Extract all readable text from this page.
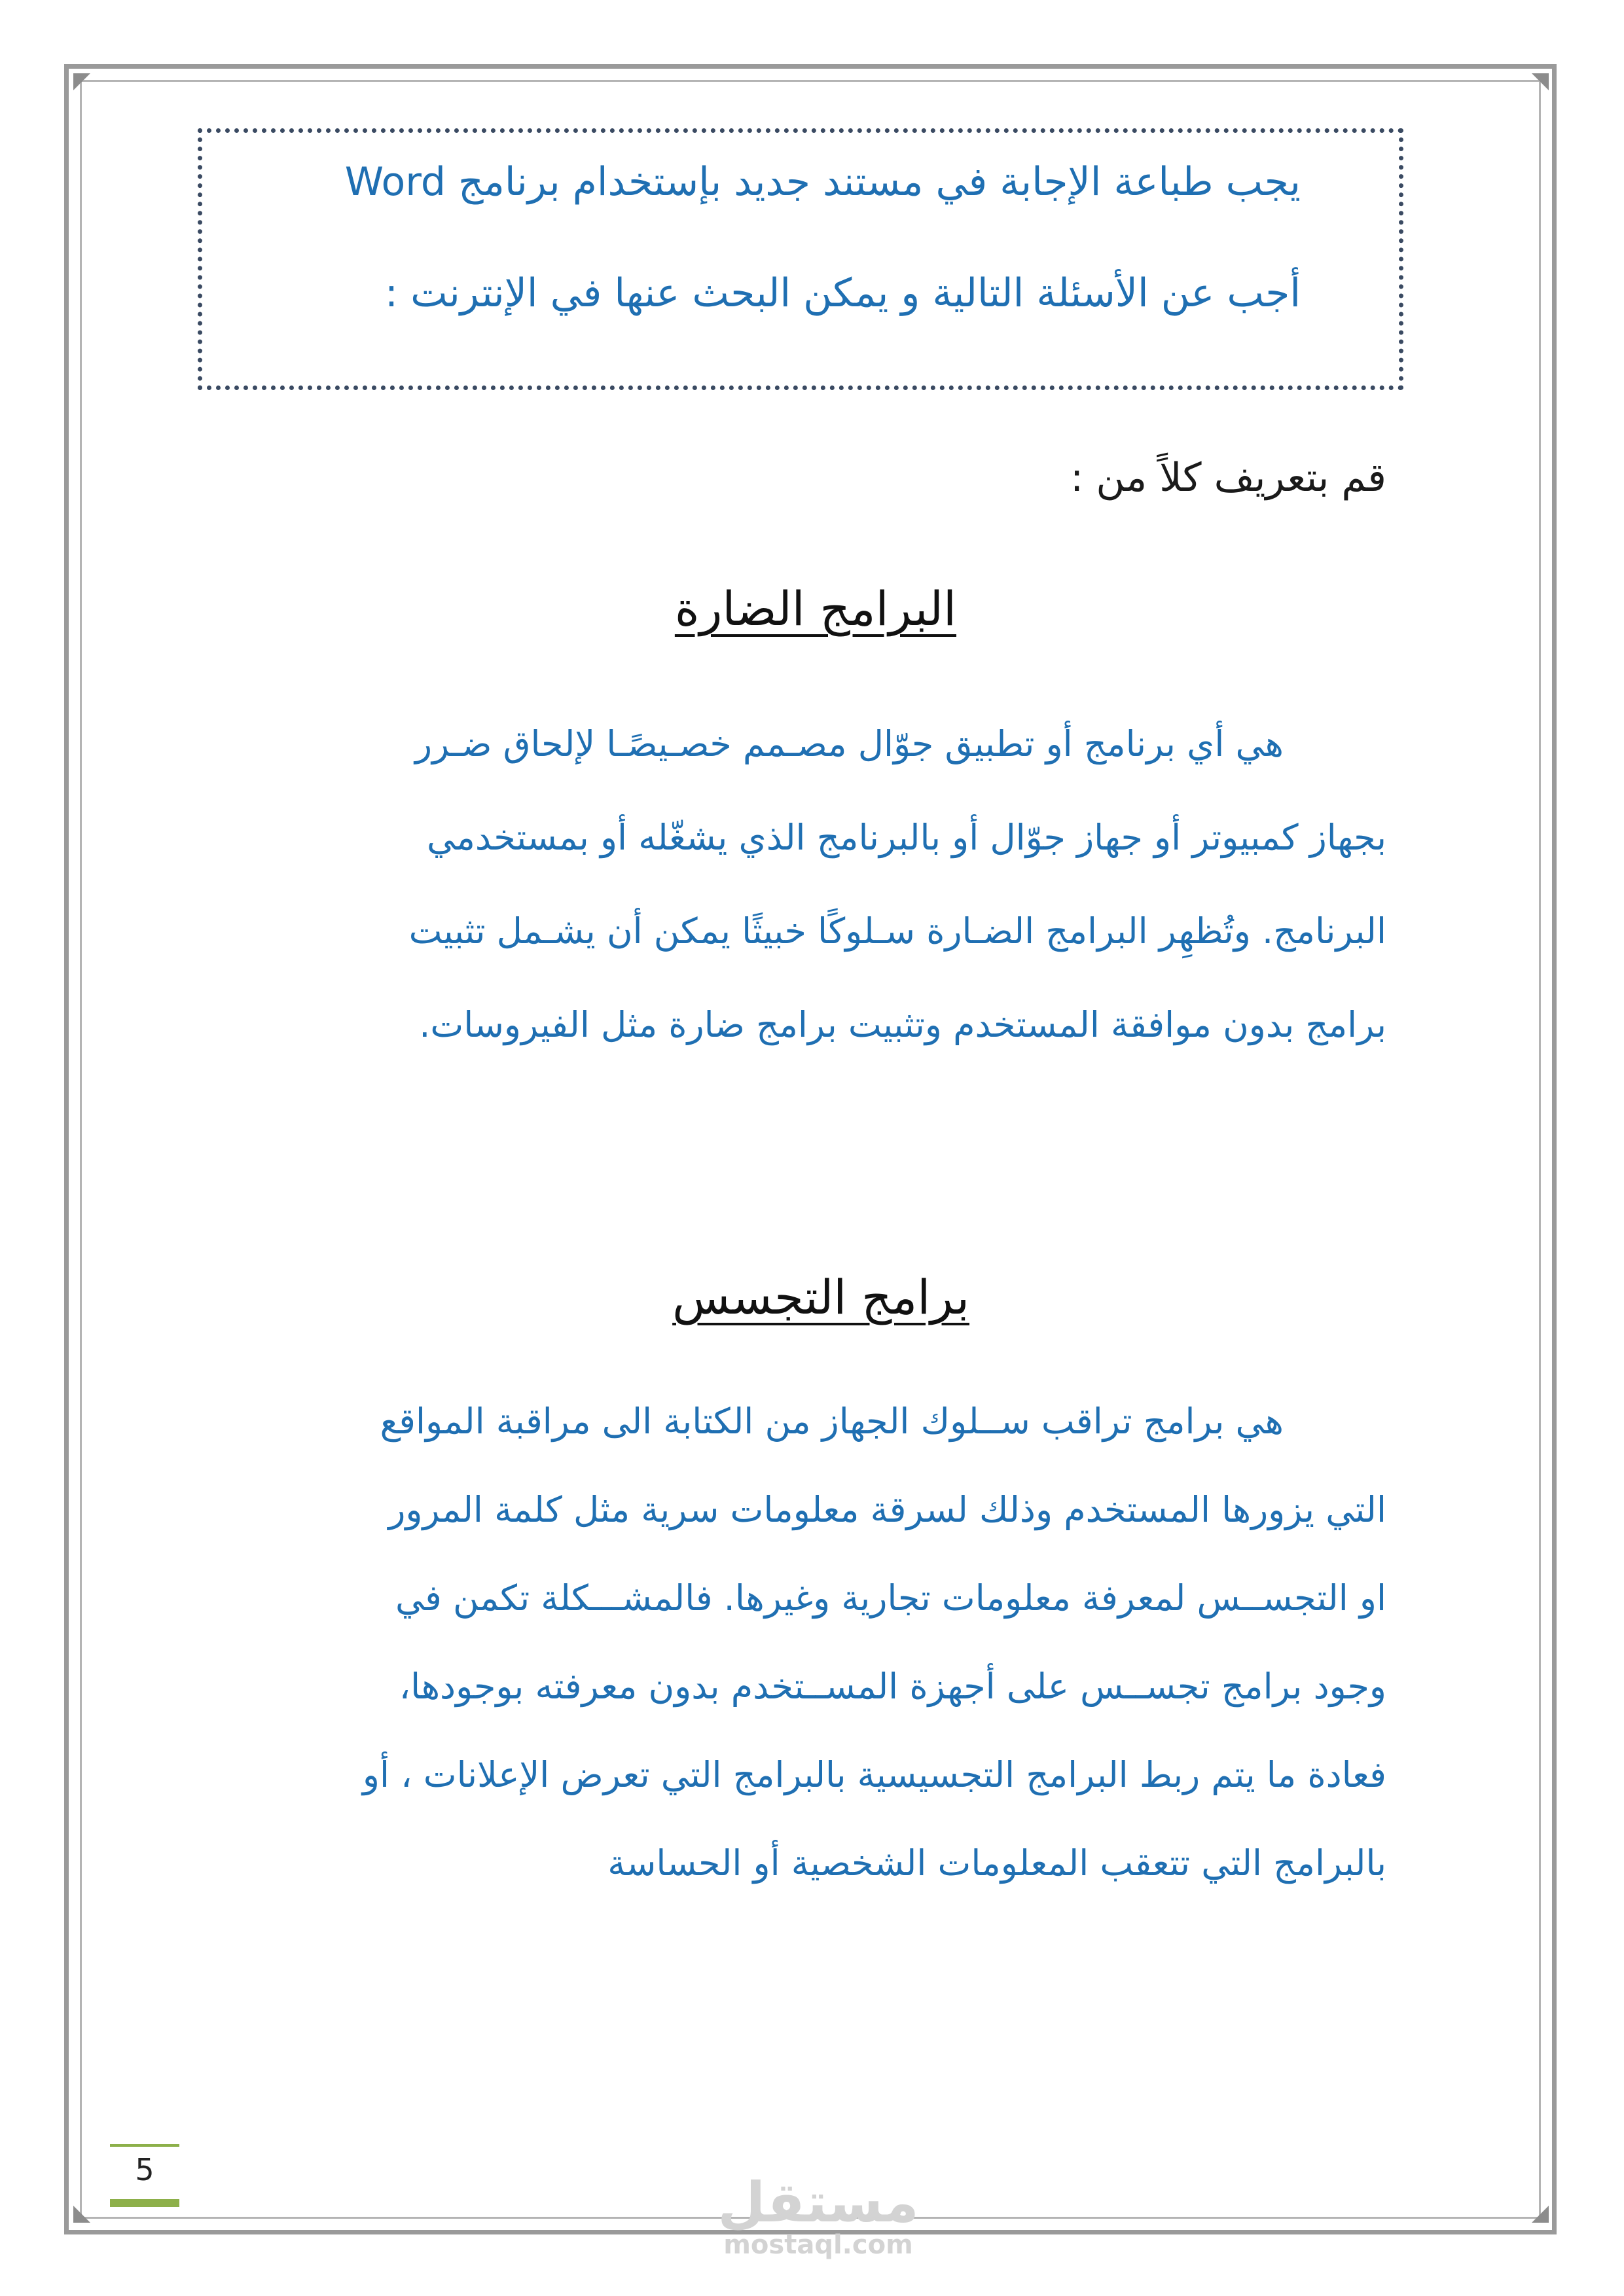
يجب طباعة الإجابة في مستند جديد بإستخدام برنامج Word
أجب عن الأسئلة التالية و يمكن البحث عنها في الإنترنت :
قم بتعريف كلاً من :
البرامج الضارة
هي أي برنامج أو تطبيق جوّال مصـمم خصـيصًـا لإلحاق ضـرر
بجهاز كمبيوتر أو جهاز جوّال أو بالبرنامج الذي يشغّله أو بمستخدمي
البرنامج. وتُظهِر البرامج الضـارة سـلوكًا خبيثًا يمكن أن يشـمل تثبيت
برامج بدون موافقة المستخدم وتثبيت برامج ضارة مثل الفيروسات.
برامج التجسس
هي برامج تراقب ســلوك الجهاز من الكتابة الى مراقبة المواقع
التي يزورها المستخدم وذلك لسرقة معلومات سرية مثل كلمة المرور
او التجســس لمعرفة معلومات تجارية وغيرها. فالمشـــكلة تكمن في
وجود برامج تجســس على أجهزة المســتخدم بدون معرفته بوجودها،
فعادة ما يتم ربط البرامج التجسيسية بالبرامج التي تعرض الإعلانات ، أو
بالبرامج التي تتعقب المعلومات الشخصية أو الحساسة
5
مستقل
mostaql.com
